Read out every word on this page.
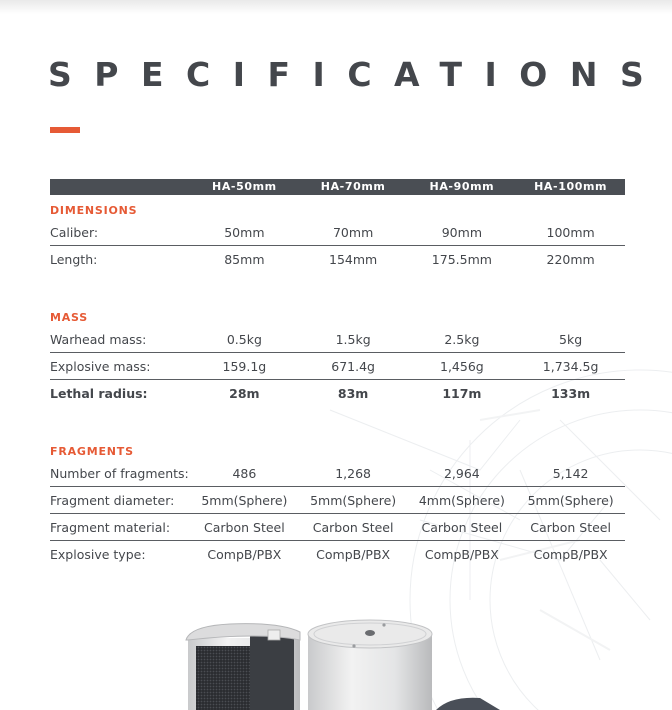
SPECIFICATIONS
	HA-50mm	HA-70mm	HA-90mm	HA-100mm
DIMENSIONS				
Caliber:	50mm	70mm	90mm	100mm
Length:	85mm	154mm	175.5mm	220mm

MASS				
Warhead mass:	0.5kg	1.5kg	2.5kg	5kg
Explosive mass:	159.1g	671.4g	1,456g	1,734.5g
Lethal radius:	28m	83m	117m	133m

FRAGMENTS				
Number of fragments:	486	1,268	2,964	5,142
Fragment diameter:	5mm(Sphere)	5mm(Sphere)	4mm(Sphere)	5mm(Sphere)
Fragment material:	Carbon Steel	Carbon Steel	Carbon Steel	Carbon Steel
Explosive type:	CompB/PBX	CompB/PBX	CompB/PBX	CompB/PBX
